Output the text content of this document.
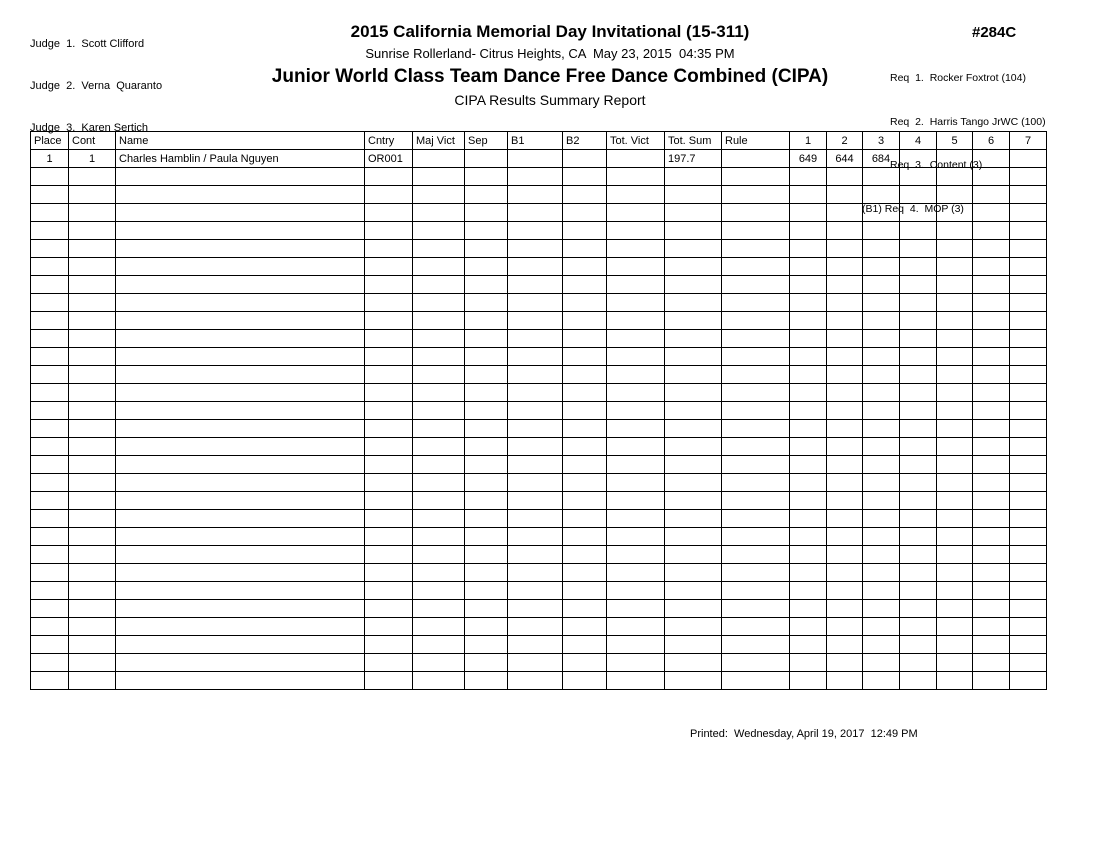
Judge  1.  Scott Clifford

Judge  2.  Verna  Quaranto

Judge  3.  Karen Sertich

2015 California Memorial Day Invitational (15-311)
Sunrise Rollerland- Citrus Heights, CA  May 23, 2015  04:35 PM
Junior World Class Team Dance Free Dance Combined (CIPA)
CIPA Results Summary Report
#284C

Req  1.  Rocker Foxtrot (104)

Req  2.  Harris Tango JrWC (100)

Req  3.  Content (3)

(B1) Req  4.  MOP (3)

Place	Cont	Name	Cntry	Maj Vict	Sep	B1	B2	Tot. Vict	Tot. Sum	Rule	1	2	3	4	5	6	7
1	1	Charles Hamblin / Paula Nguyen	OR001						197.7		649	644	684				

Printed:  Wednesday, April 19, 2017  12:49 PM
